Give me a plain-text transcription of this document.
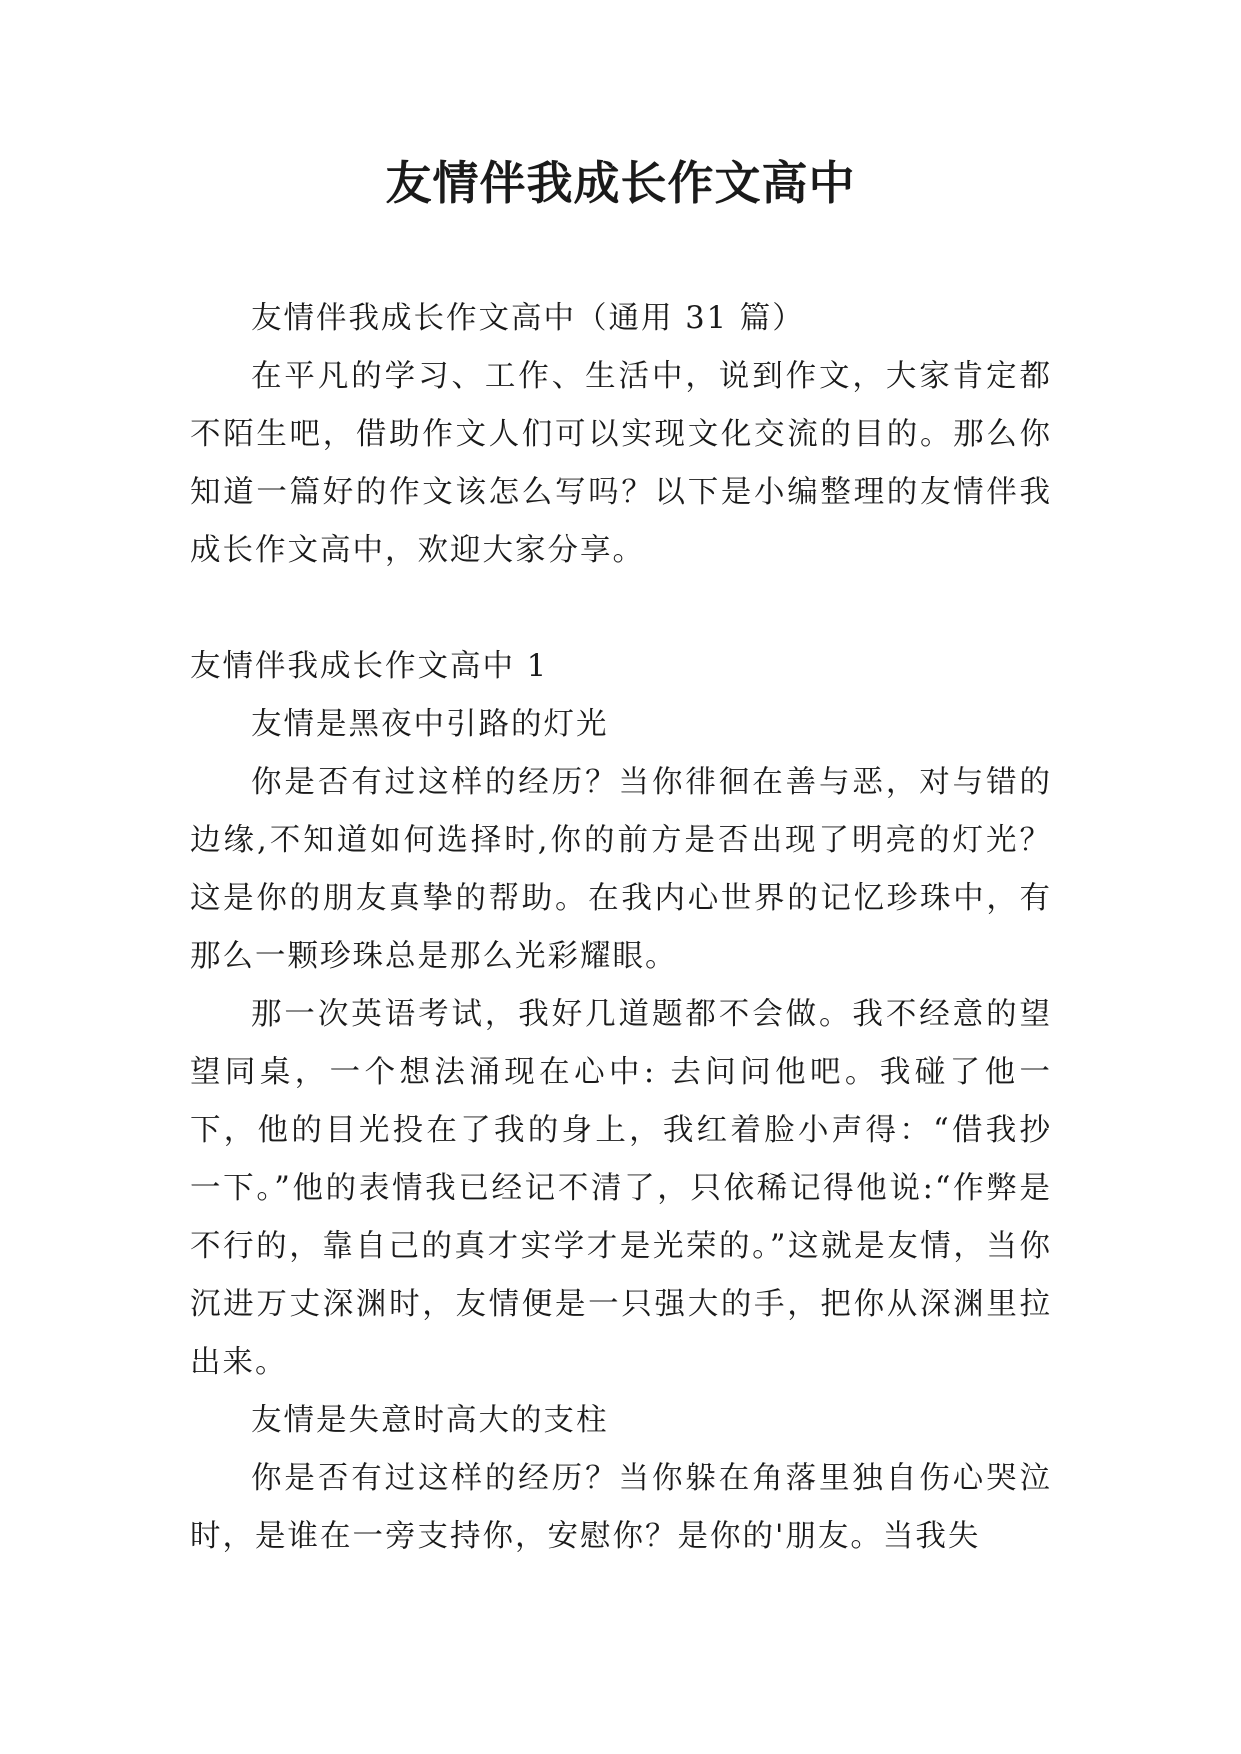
友情伴我成长作文高中

友情伴我成长作文高中（通用 31 篇）

在平凡的学习、工作、生活中，说到作文，大家肯定都不陌生吧，借助作文人们可以实现文化交流的目的。那么你知道一篇好的作文该怎么写吗？以下是小编整理的友情伴我成长作文高中，欢迎大家分享。

友情伴我成长作文高中 1

友情是黑夜中引路的灯光

你是否有过这样的经历？当你徘徊在善与恶，对与错的边缘,不知道如何选择时,你的前方是否出现了明亮的灯光？这是你的朋友真挚的帮助。在我内心世界的记忆珍珠中，有那么一颗珍珠总是那么光彩耀眼。

那一次英语考试，我好几道题都不会做。我不经意的望望同桌，一个想法涌现在心中: 去问问他吧。我碰了他一下，他的目光投在了我的身上，我红着脸小声得：“借我抄一下。”他的表情我已经记不清了，只依稀记得他说:“作弊是不行的，靠自己的真才实学才是光荣的。”这就是友情，当你沉进万丈深渊时，友情便是一只强大的手，把你从深渊里拉出来。

友情是失意时高大的支柱

你是否有过这样的经历？当你躲在角落里独自伤心哭泣时，是谁在一旁支持你，安慰你？是你的'朋友。当我失
